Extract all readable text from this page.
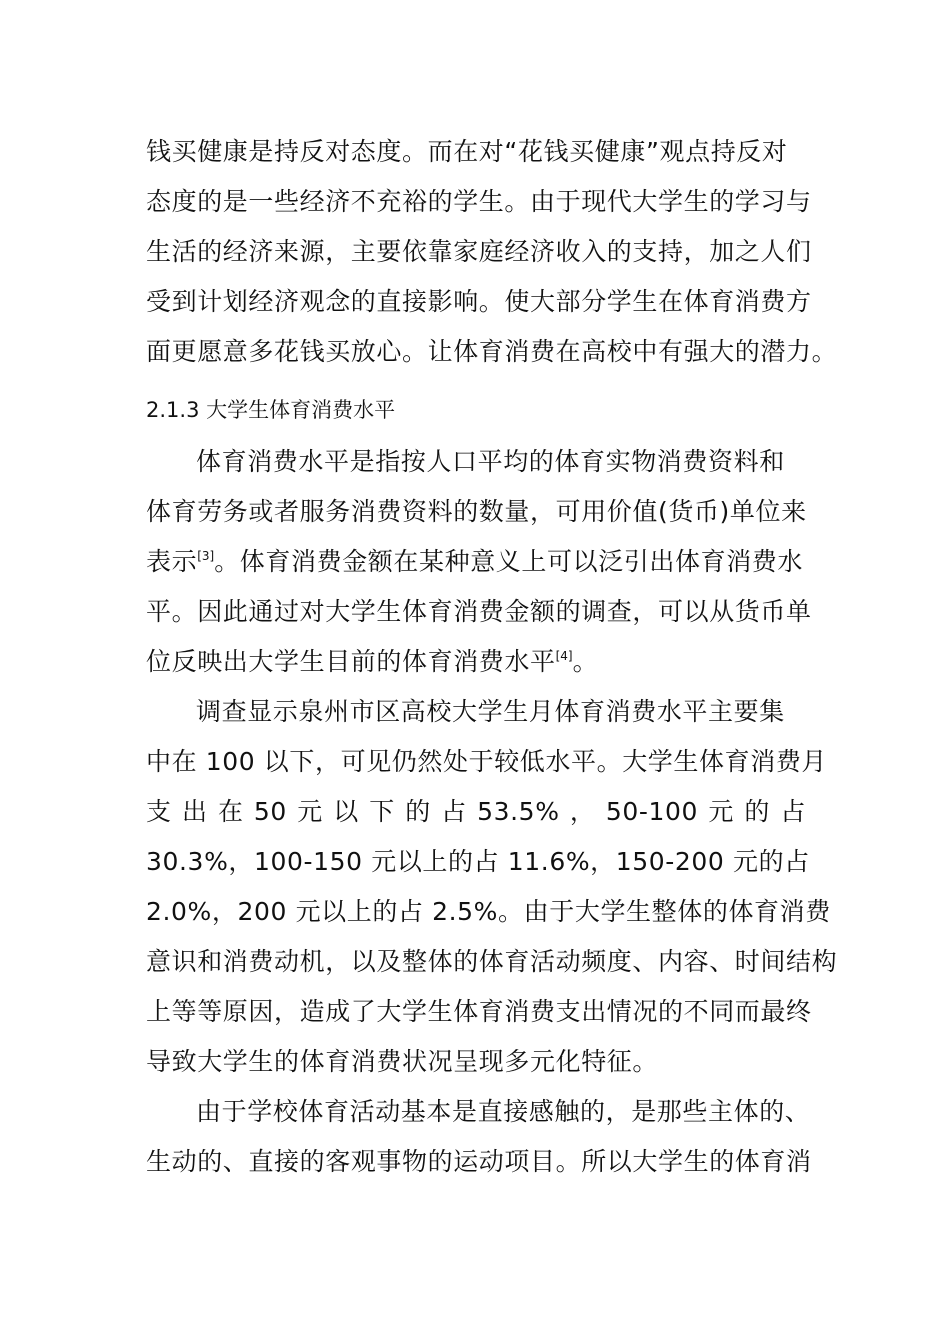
钱买健康是持反对态度。而在对“花钱买健康”观点持反对
态度的是一些经济不充裕的学生。由于现代大学生的学习与
生活的经济来源，主要依靠家庭经济收入的支持，加之人们
受到计划经济观念的直接影响。使大部分学生在体育消费方
面更愿意多花钱买放心。让体育消费在高校中有强大的潜力。
2.1.3 大学生体育消费水平
体育消费水平是指按人口平均的体育实物消费资料和
体育劳务或者服务消费资料的数量，可用价值(货币)单位来
表示[3]。体育消费金额在某种意义上可以泛引出体育消费水
平。因此通过对大学生体育消费金额的调查，可以从货币单
位反映出大学生目前的体育消费水平[4]。
调查显示泉州市区高校大学生月体育消费水平主要集
中在 100 以下，可见仍然处于较低水平。大学生体育消费月
支 出 在 50 元 以 下 的 占 53.5% ， 50-100 元 的 占
30.3%，100-150 元以上的占 11.6%，150-200 元的占
2.0%，200 元以上的占 2.5%。由于大学生整体的体育消费
意识和消费动机，以及整体的体育活动频度、内容、时间结构
上等等原因，造成了大学生体育消费支出情况的不同而最终
导致大学生的体育消费状况呈现多元化特征。
由于学校体育活动基本是直接感触的，是那些主体的、
生动的、直接的客观事物的运动项目。所以大学生的体育消
